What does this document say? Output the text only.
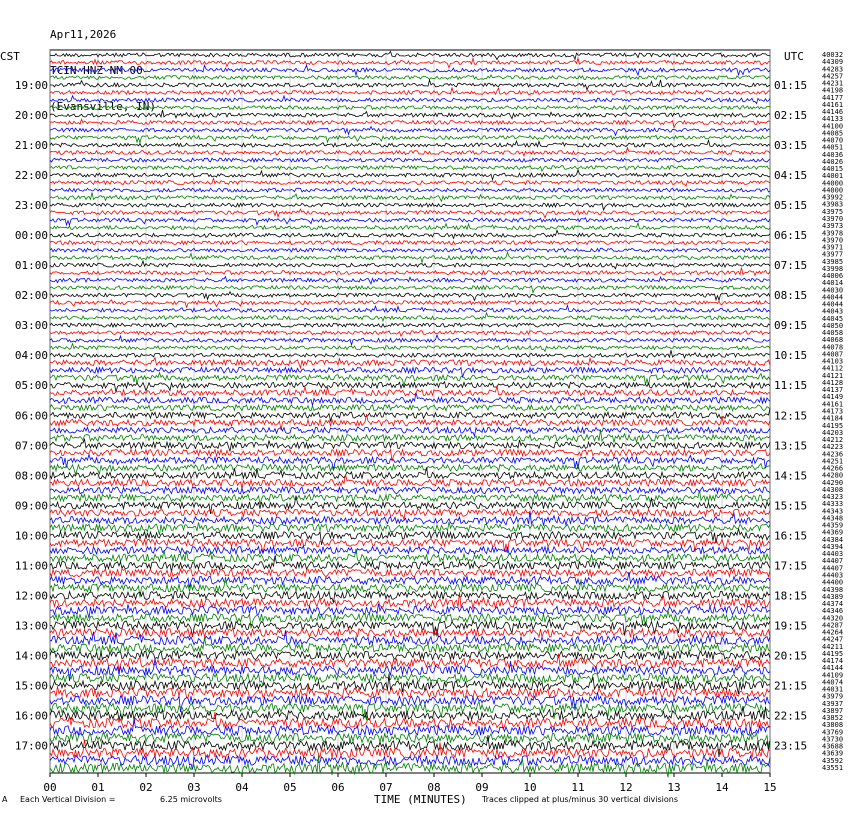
Apr11,2026

TCIN HNZ NM 00

(Evansville, IN)

CST	UTC
19:00
20:00
21:00
22:00
23:00
00:00
01:00
02:00
03:00
04:00
05:00
06:00
07:00
08:00
09:00
10:00
11:00
12:00
13:00
14:00
15:00
16:00
17:00
01:15
02:15
03:15
04:15
05:15
06:15
07:15
08:15
09:15
10:15
11:15
12:15
13:15
14:15
15:15
16:15
17:15
18:15
19:15
20:15
21:15
22:15
23:15
40032
44309
44283
44257
44231
44198
44177
44161
44146
44133
44100
44085
44070
44051
44036
44026
44015
44001
44000
44000
43992
43983
43975
43970
43973
43978
43970
43971
43977
43985
43998
44006
44014
44030
44044
44044
44043
44045
44050
44058
44068
44078
44087
44103
44112
44121
44128
44137
44149
44161
44173
44184
44195
44203
44212
44223
44236
44251
44266
44280
44290
44308
44323
44333
44343
44348
44359
44369
44384
44394
44403
44407
44407
44403
44400
44398
44389
44374
44346
44320
44287
44264
44247
44211
44195
44174
44144
44109
44074
44031
43979
43937
43897
43852
43808
43769
43730
43688
43639
43592
43551
00	01	02	03	04	05	06	07	08	09	10	11	12	13	14	15
A Each Vertical Division =	6.25 microvolts	TIME (MINUTES) Traces clipped at plus/minus 30 vertical divisions
